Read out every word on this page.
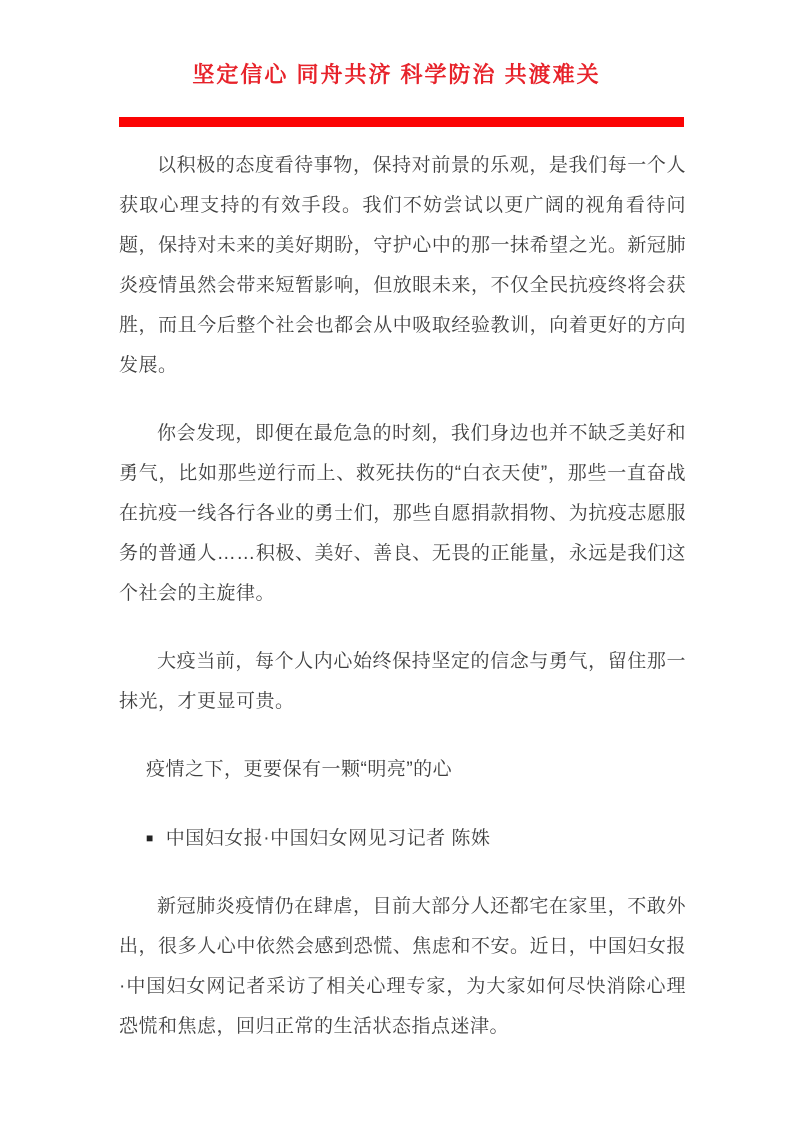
坚定信心 同舟共济 科学防治 共渡难关

以积极的态度看待事物，保持对前景的乐观，是我们每一个人获取心理支持的有效手段。我们不妨尝试以更广阔的视角看待问题，保持对未来的美好期盼，守护心中的那一抹希望之光。新冠肺炎疫情虽然会带来短暂影响，但放眼未来，不仅全民抗疫终将会获胜，而且今后整个社会也都会从中吸取经验教训，向着更好的方向发展。

你会发现，即便在最危急的时刻，我们身边也并不缺乏美好和勇气，比如那些逆行而上、救死扶伤的“白衣天使”，那些一直奋战在抗疫一线各行各业的勇士们，那些自愿捐款捐物、为抗疫志愿服务的普通人……积极、美好、善良、无畏的正能量，永远是我们这个社会的主旋律。

大疫当前，每个人内心始终保持坚定的信念与勇气，留住那一抹光，才更显可贵。

疫情之下，更要保有一颗“明亮”的心

■ 中国妇女报·中国妇女网见习记者 陈姝

新冠肺炎疫情仍在肆虐，目前大部分人还都宅在家里，不敢外出，很多人心中依然会感到恐慌、焦虑和不安。近日，中国妇女报·中国妇女网记者采访了相关心理专家，为大家如何尽快消除心理恐慌和焦虑，回归正常的生活状态指点迷津。
